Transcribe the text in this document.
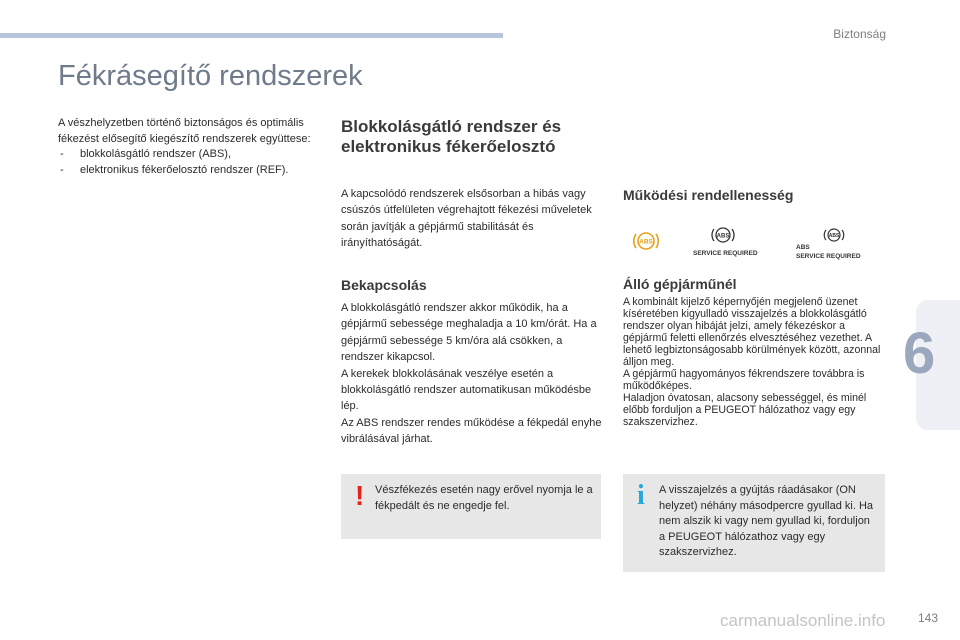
Biztonság
Fékrásegítő rendszerek
A vészhelyzetben történő biztonságos és optimális fékezést elősegítő kiegészítő rendszerek együttese:
- blokkolásgátló rendszer (ABS),
- elektronikus fékerőelosztó rendszer (REF).
Blokkolásgátló rendszer és
elektronikus fékerőelosztó
A kapcsolódó rendszerek elsősorban a hibás vagy csúszós útfelületen végrehajtott fékezési műveletek során javítják a gépjármű stabilitását és irányíthatóságát.
Bekapcsolás
A blokkolásgátló rendszer akkor működik, ha a gépjármű sebessége meghaladja a 10 km/órát. Ha a gépjármű sebessége 5 km/óra alá csökken, a rendszer kikapcsol.
A kerekek blokkolásának veszélye esetén a blokkolásgátló rendszer automatikusan működésbe lép.
Az ABS rendszer rendes működése a fékpedál enyhe vibrálásával járhat.
! Vészfékezés esetén nagy erővel nyomja le a fékpedált és ne engedje fel.
Működési rendellenesség
ABS
ABS
SERVICE REQUIRED
ABS
ABS
SERVICE REQUIRED
Álló gépjárműnél
A kombinált kijelző képernyőjén megjelenő üzenet kíséretében kigyulladó visszajelzés a blokkolásgátló rendszer olyan hibáját jelzi, amely fékezéskor a gépjármű feletti ellenőrzés elvesztéséhez vezethet. A lehető legbiztonságosabb körülmények között, azonnal álljon meg.
A gépjármű hagyományos fékrendszere továbbra is működőképes.
Haladjon óvatosan, alacsony sebességgel, és minél előbb forduljon a PEUGEOT hálózathoz vagy egy szakszervizhez.
i A visszajelzés a gyújtás ráadásakor (ON helyzet) néhány másodpercre gyullad ki. Ha nem alszik ki vagy nem gyullad ki, forduljon a PEUGEOT hálózathoz vagy egy szakszervizhez.
6
carmanualsonline.info	143
